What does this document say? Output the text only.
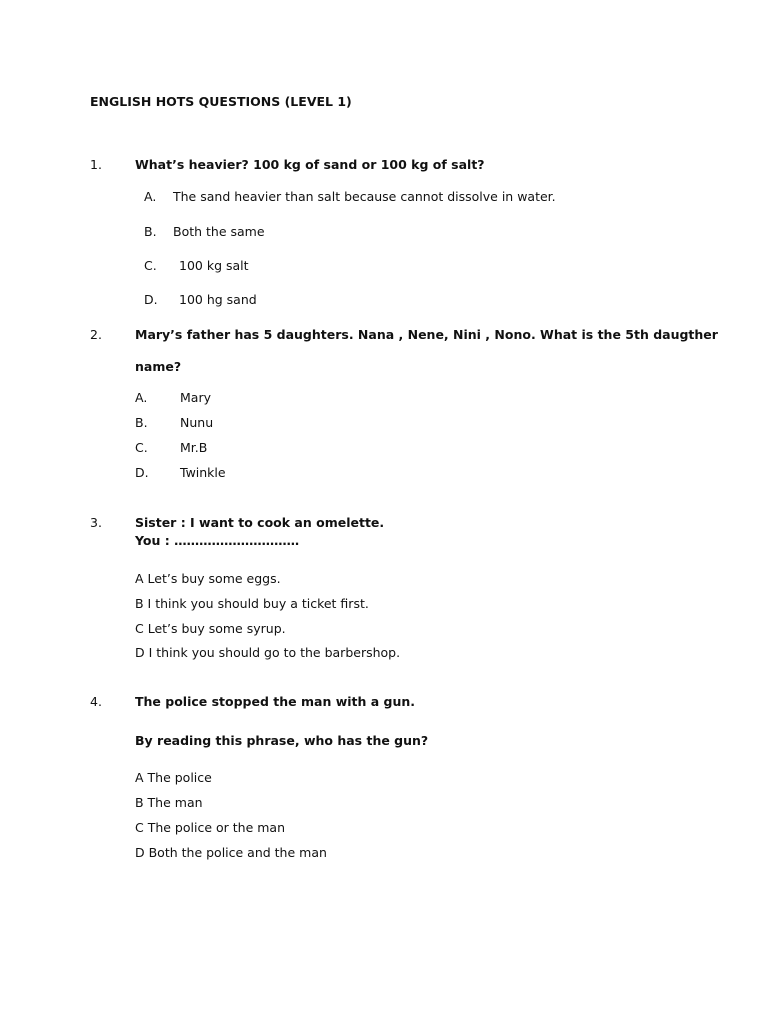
ENGLISH HOTS QUESTIONS (LEVEL 1)
1.	What’s heavier? 100 kg of sand or 100 kg of salt?
A. The sand heavier than salt because cannot dissolve in water.
B. Both the same
C. 100 kg salt
D. 100 hg sand
2.	Mary’s father has 5 daughters. Nana , Nene, Nini , Nono. What is the 5th daugther
name?
A.	Mary
B.	Nunu
C.	Mr.B
D.	Twinkle
3.	Sister : I want to cook an omelette.
You : …………………………
A Let’s buy some eggs.
B I think you should buy a ticket first.
C Let’s buy some syrup.
D I think you should go to the barbershop.
4.	The police stopped the man with a gun.
By reading this phrase, who has the gun?
A The police
B The man
C The police or the man
D Both the police and the man
